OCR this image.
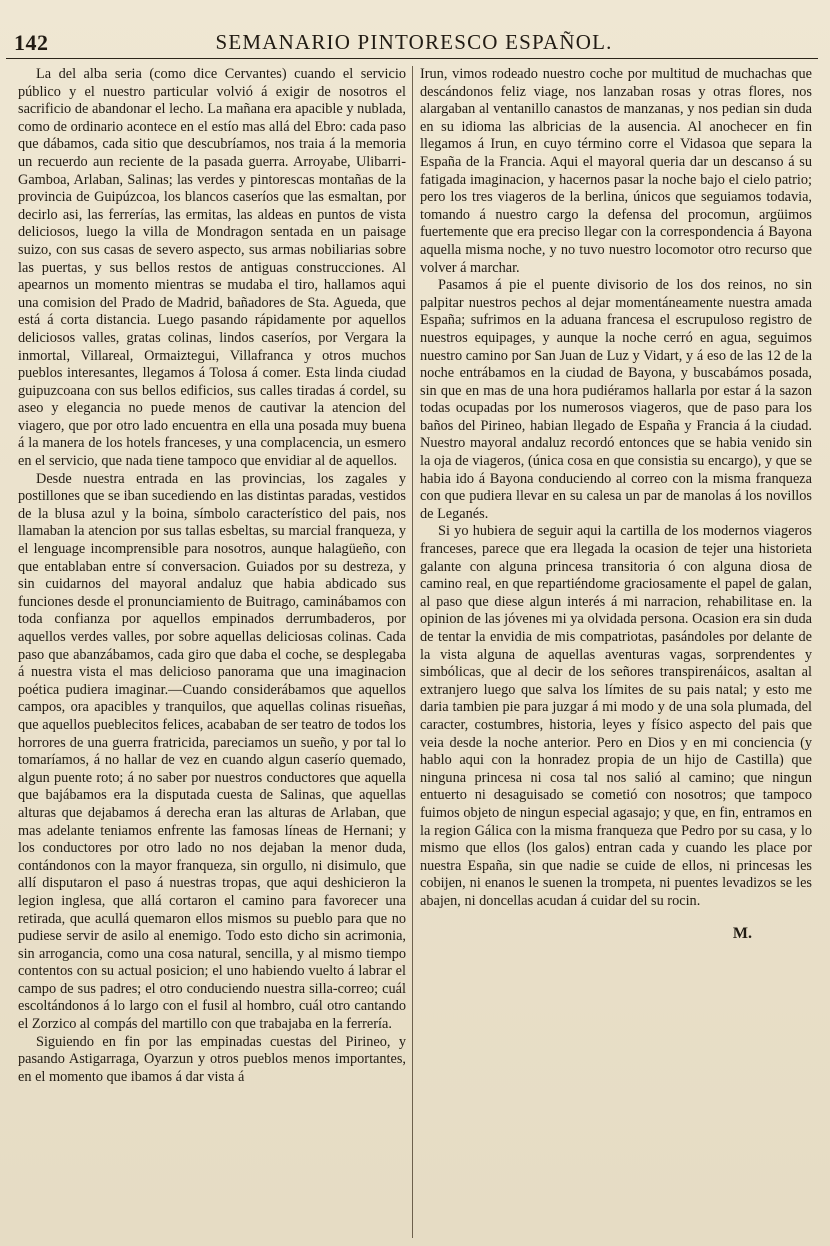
142	SEMANARIO PINTORESCO ESPAÑOL.

La del alba seria (como dice Cervantes) cuando el servicio público y el nuestro particular volvió á exigir de nosotros el sacrificio de abandonar el lecho. La mañana era apacible y nublada, como de ordinario acontece en el estío mas allá del Ebro: cada paso que dábamos, cada sitio que descubríamos, nos traia á la memoria un recuerdo aun reciente de la pasada guerra. Arroyabe, Ulibarri-Gamboa, Arlaban, Salinas; las verdes y pintorescas montañas de la provincia de Guipúzcoa, los blancos caseríos que las esmaltan, por decirlo asi, las ferrerías, las ermitas, las aldeas en puntos de vista deliciosos, luego la villa de Mondragon sentada en un paisage suizo, con sus casas de severo aspecto, sus armas nobiliarias sobre las puertas, y sus bellos restos de antiguas construcciones. Al apearnos un momento mientras se mudaba el tiro, hallamos aqui una comision del Prado de Madrid, bañadores de Sta. Agueda, que está á corta distancia. Luego pasando rápidamente por aquellos deliciosos valles, gratas colinas, lindos caseríos, por Vergara la inmortal, Villareal, Ormaiztegui, Villafranca y otros muchos pueblos interesantes, llegamos á Tolosa á comer. Esta linda ciudad guipuzcoana con sus bellos edificios, sus calles tiradas á cordel, su aseo y elegancia no puede menos de cautivar la atencion del viagero, que por otro lado encuentra en ella una posada muy buena á la manera de los hotels franceses, y una complacencia, un esmero en el servicio, que nada tiene tampoco que envidiar al de aquellos.

Desde nuestra entrada en las provincias, los zagales y postillones que se iban sucediendo en las distintas paradas, vestidos de la blusa azul y la boina, símbolo característico del pais, nos llamaban la atencion por sus tallas esbeltas, su marcial franqueza, y el lenguage incomprensible para nosotros, aunque halagüeño, con que entablaban entre sí conversacion. Guiados por su destreza, y sin cuidarnos del mayoral andaluz que habia abdicado sus funciones desde el pronunciamiento de Buitrago, caminábamos con toda confianza por aquellos empinados derrumbaderos, por aquellos verdes valles, por sobre aquellas deliciosas colinas. Cada paso que abanzábamos, cada giro que daba el coche, se desplegaba á nuestra vista el mas delicioso panorama que una imaginacion poética pudiera imaginar.—Cuando considerábamos que aquellos campos, ora apacibles y tranquilos, que aquellas colinas risueñas, que aquellos pueblecitos felices, acababan de ser teatro de todos los horrores de una guerra fratricida, pareciamos un sueño, y por tal lo tomaríamos, á no hallar de vez en cuando algun caserío quemado, algun puente roto; á no saber por nuestros conductores que aquella que bajábamos era la disputada cuesta de Salinas, que aquellas alturas que dejabamos á derecha eran las alturas de Arlaban, que mas adelante teniamos enfrente las famosas líneas de Hernani; y los conductores por otro lado no nos dejaban la menor duda, contándonos con la mayor franqueza, sin orgullo, ni disimulo, que allí disputaron el paso á nuestras tropas, que aqui deshicieron la legion inglesa, que allá cortaron el camino para favorecer una retirada, que acullá quemaron ellos mismos su pueblo para que no pudiese servir de asilo al enemigo. Todo esto dicho sin acrimonia, sin arrogancia, como una cosa natural, sencilla, y al mismo tiempo contentos con su actual posicion; el uno habiendo vuelto á labrar el campo de sus padres; el otro conduciendo nuestra silla-correo; cuál escoltándonos á lo largo con el fusil al hombro, cuál otro cantando el Zorzico al compás del martillo con que trabajaba en la ferrería.

Siguiendo en fin por las empinadas cuestas del Pirineo, y pasando Astigarraga, Oyarzun y otros pueblos menos importantes, en el momento que ibamos á dar vista á

Irun, vimos rodeado nuestro coche por multitud de muchachas que descándonos feliz viage, nos lanzaban rosas y otras flores, nos alargaban al ventanillo canastos de manzanas, y nos pedian sin duda en su idioma las albricias de la ausencia. Al anochecer en fin llegamos á Irun, en cuyo término corre el Vidasoa que separa la España de la Francia. Aqui el mayoral queria dar un descanso á su fatigada imaginacion, y hacernos pasar la noche bajo el cielo patrio; pero los tres viageros de la berlina, únicos que seguiamos todavia, tomando á nuestro cargo la defensa del procomun, argüimos fuertemente que era preciso llegar con la correspondencia á Bayona aquella misma noche, y no tuvo nuestro locomotor otro recurso que volver á marchar.

Pasamos á pie el puente divisorio de los dos reinos, no sin palpitar nuestros pechos al dejar momentáneamente nuestra amada España; sufrimos en la aduana francesa el escrupuloso registro de nuestros equipages, y aunque la noche cerró en agua, seguimos nuestro camino por San Juan de Luz y Vidart, y á eso de las 12 de la noche entrábamos en la ciudad de Bayona, y buscabámos posada, sin que en mas de una hora pudiéramos hallarla por estar á la sazon todas ocupadas por los numerosos viageros, que de paso para los baños del Pirineo, habian llegado de España y Francia á la ciudad. Nuestro mayoral andaluz recordó entonces que se habia venido sin la oja de viageros, (única cosa en que consistia su encargo), y que se habia ido á Bayona conduciendo al correo con la misma franqueza con que pudiera llevar en su calesa un par de manolas á los novillos de Leganés.

Si yo hubiera de seguir aqui la cartilla de los modernos viageros franceses, parece que era llegada la ocasion de tejer una historieta galante con alguna princesa transitoria ó con alguna diosa de camino real, en que repartiéndome graciosamente el papel de galan, al paso que diese algun interés á mi narracion, rehabilitase en. la opinion de las jóvenes mi ya olvidada persona. Ocasion era sin duda de tentar la envidia de mis compatriotas, pasándoles por delante de la vista alguna de aquellas aventuras vagas, sorprendentes y simbólicas, que al decir de los señores transpirenáicos, asaltan al extranjero luego que salva los límites de su pais natal; y esto me daria tambien pie para juzgar á mi modo y de una sola plumada, del caracter, costumbres, historia, leyes y físico aspecto del pais que veia desde la noche anterior. Pero en Dios y en mi conciencia (y hablo aqui con la honradez propia de un hijo de Castilla) que ninguna princesa ni cosa tal nos salió al camino; que ningun entuerto ni desaguisado se cometió con nosotros; que tampoco fuimos objeto de ningun especial agasajo; y que, en fin, entramos en la region Gálica con la misma franqueza que Pedro por su casa, y lo mismo que ellos (los galos) entran cada y cuando les place por nuestra España, sin que nadie se cuide de ellos, ni princesas les cobijen, ni enanos le suenen la trompeta, ni puentes levadizos se les abajen, ni doncellas acudan á cuidar del su rocin.

M.
